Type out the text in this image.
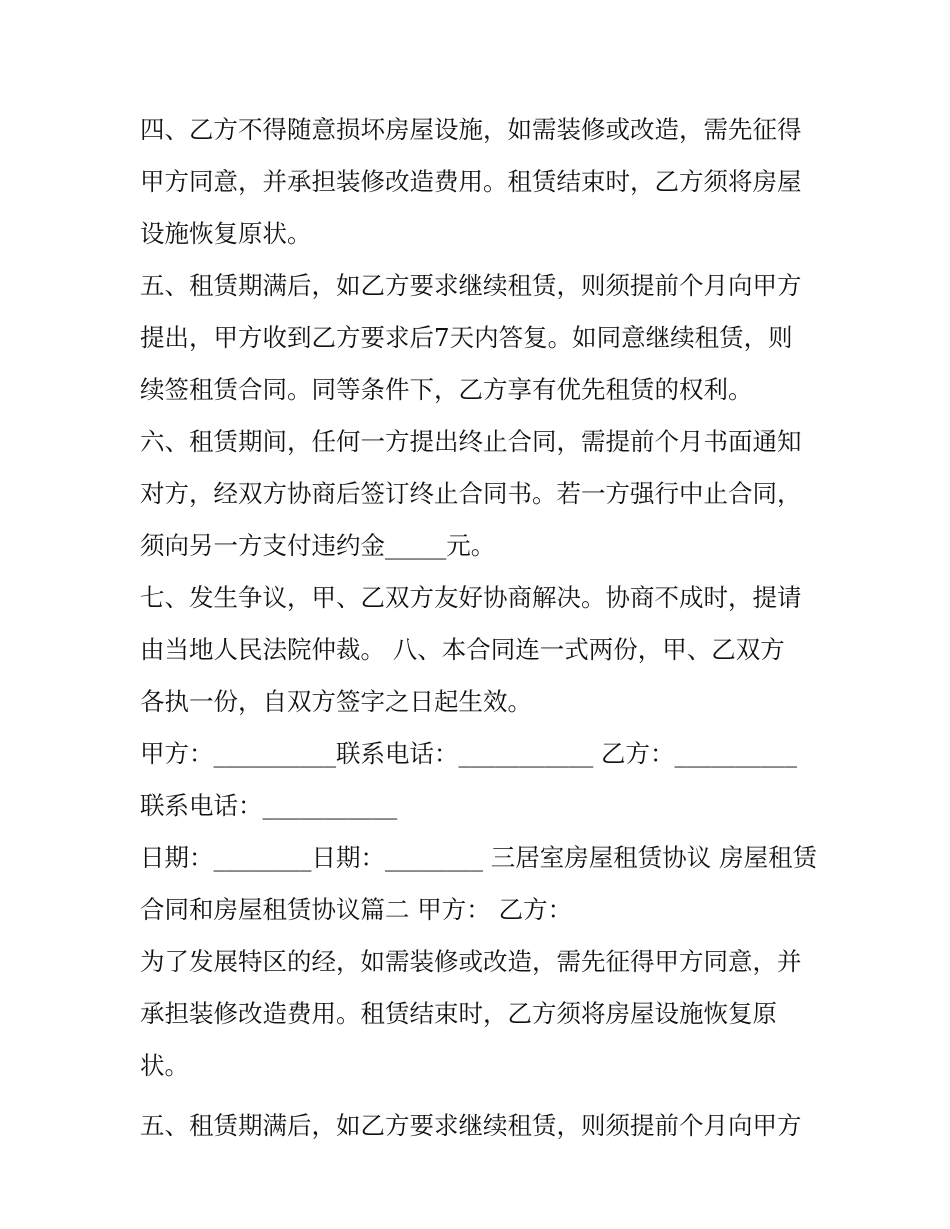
四、乙方不得随意损坏房屋设施，如需装修或改造，需先征得
甲方同意，并承担装修改造费用。租赁结束时，乙方须将房屋
设施恢复原状。

五、租赁期满后，如乙方要求继续租赁，则须提前个月向甲方
提出，甲方收到乙方要求后7天内答复。如同意继续租赁，则
续签租赁合同。同等条件下，乙方享有优先租赁的权利。

六、租赁期间，任何一方提出终止合同，需提前个月书面通知
对方，经双方协商后签订终止合同书。若一方强行中止合同，
须向另一方支付违约金_____元。

七、发生争议，甲、乙双方友好协商解决。协商不成时，提请
由当地人民法院仲裁。 八、本合同连一式两份，甲、乙双方
各执一份，自双方签字之日起生效。

甲方：__________联系电话：___________ 乙方：__________
联系电话：___________

日期：________日期：________ 三居室房屋租赁协议 房屋租赁
合同和房屋租赁协议篇二 甲方： 乙方：

为了发展特区的经，如需装修或改造，需先征得甲方同意，并
承担装修改造费用。租赁结束时，乙方须将房屋设施恢复原
状。

五、租赁期满后，如乙方要求继续租赁，则须提前个月向甲方
